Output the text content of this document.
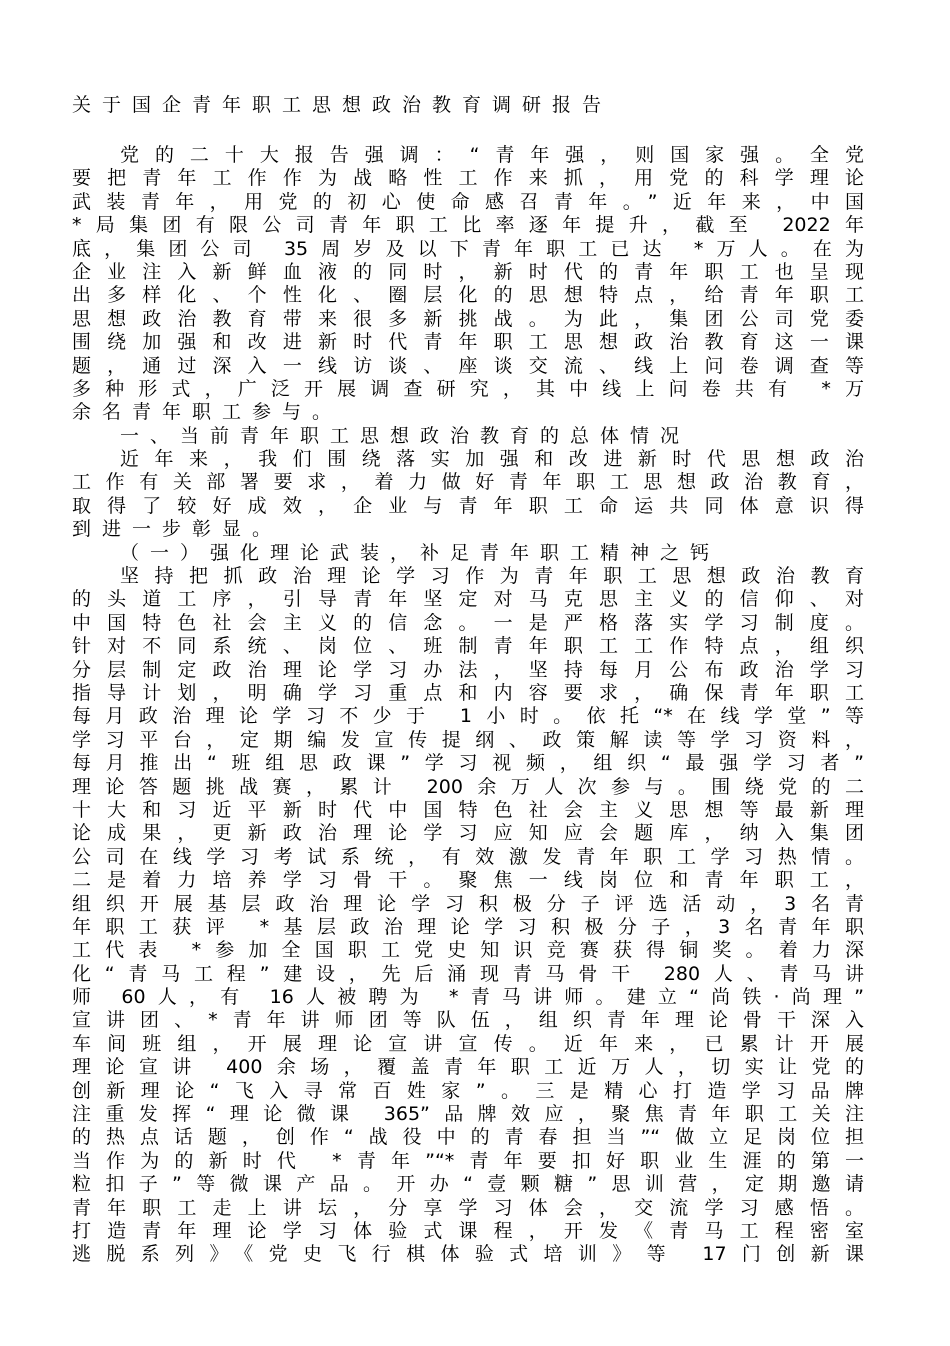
关于国企青年职工思想政治教育调研报告
党的二十大报告强调：“青年强，则国家强。全党
要把青年工作作为战略性工作来抓，用党的科学理论
武装青年，用党的初心使命感召青年。”近年来，中国
*局集团有限公司青年职工比率逐年提升，截至 2022年
底，集团公司 35周岁及以下青年职工已达 *万人。在为
企业注入新鲜血液的同时，新时代的青年职工也呈现
出多样化、个性化、圈层化的思想特点，给青年职工
思想政治教育带来很多新挑战。为此，集团公司党委
围绕加强和改进新时代青年职工思想政治教育这一课
题，通过深入一线访谈、座谈交流、线上问卷调查等
多种形式，广泛开展调查研究，其中线上问卷共有 *万
余名青年职工参与。
一、当前青年职工思想政治教育的总体情况
近年来，我们围绕落实加强和改进新时代思想政治
工作有关部署要求，着力做好青年职工思想政治教育，
取得了较好成效，企业与青年职工命运共同体意识得
到进一步彰显。
（一）强化理论武装，补足青年职工精神之钙
坚持把抓政治理论学习作为青年职工思想政治教育
的头道工序，引导青年坚定对马克思主义的信仰、对
中国特色社会主义的信念。一是严格落实学习制度。
针对不同系统、岗位、班制青年职工工作特点，组织
分层制定政治理论学习办法，坚持每月公布政治学习
指导计划，明确学习重点和内容要求，确保青年职工
每月政治理论学习不少于 1小时。依托“*在线学堂”等
学习平台，定期编发宣传提纲、政策解读等学习资料，
每月推出“班组思政课”学习视频，组织“最强学习者”
理论答题挑战赛，累计 200余万人次参与。围绕党的二
十大和习近平新时代中国特色社会主义思想等最新理
论成果，更新政治理论学习应知应会题库，纳入集团
公司在线学习考试系统，有效激发青年职工学习热情。
二是着力培养学习骨干。聚焦一线岗位和青年职工，
组织开展基层政治理论学习积极分子评选活动，3名青
年职工获评 *基层政治理论学习积极分子，3名青年职
工代表 *参加全国职工党史知识竞赛获得铜奖。着力深
化“青马工程”建设，先后涌现青马骨干 280人、青马讲
师 60人，有 16人被聘为 *青马讲师。建立“尚铁·尚理”
宣讲团、*青年讲师团等队伍，组织青年理论骨干深入
车间班组，开展理论宣讲宣传。近年来，已累计开展
理论宣讲 400余场，覆盖青年职工近万人，切实让党的
创新理论“飞入寻常百姓家”。三是精心打造学习品牌
注重发挥“理论微课 365”品牌效应，聚焦青年职工关注
的热点话题，创作“战役中的青春担当”“做立足岗位担
当作为的新时代 *青年”“*青年要扣好职业生涯的第一
粒扣子”等微课产品。开办“壹颗糖”思训营，定期邀请
青年职工走上讲坛，分享学习体会，交流学习感悟。
打造青年理论学习体验式课程，开发《青马工程密室
逃脱系列》《党史飞行棋体验式培训》等 17门创新课
